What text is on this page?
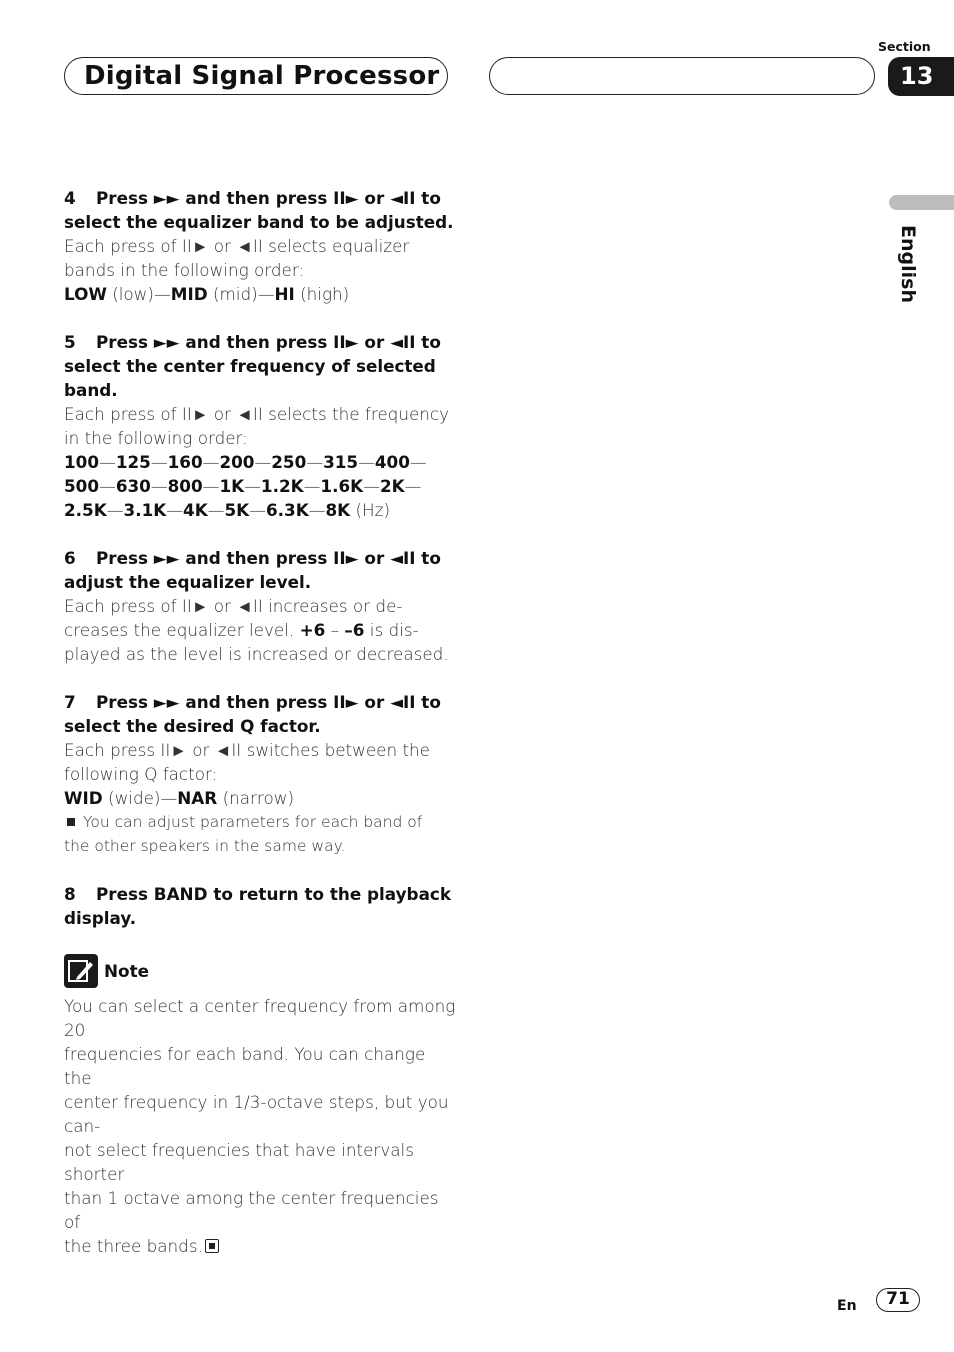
Digital Signal Processor
Section
13
English
4 Press ►► and then press II► or ◄II to select the equalizer band to be adjusted.
Each press of II► or ◄II selects equalizer
bands in the following order:
LOW (low)—MID (mid)—HI (high)
5 Press ►► and then press II► or ◄II to select the center frequency of selected band.
Each press of II► or ◄II selects the frequency
in the following order:
100—125—160—200—250—315—400—
500—630—800—1K—1.2K—1.6K—2K—
2.5K—3.1K—4K—5K—6.3K—8K (Hz)
6 Press ►► and then press II► or ◄II to adjust the equalizer level.
Each press of II► or ◄II increases or de-
creases the equalizer level. +6 – –6 is dis-
played as the level is increased or decreased.
7 Press ►► and then press II► or ◄II to select the desired Q factor.
Each press II► or ◄II switches between the
following Q factor:
WID (wide)—NAR (narrow)
You can adjust parameters for each band of
the other speakers in the same way.
8 Press BAND to return to the playback display.
Note
You can select a center frequency from among 20
frequencies for each band. You can change the
center frequency in 1/3-octave steps, but you can-
not select frequencies that have intervals shorter
than 1 octave among the center frequencies of
the three bands.
En	71
